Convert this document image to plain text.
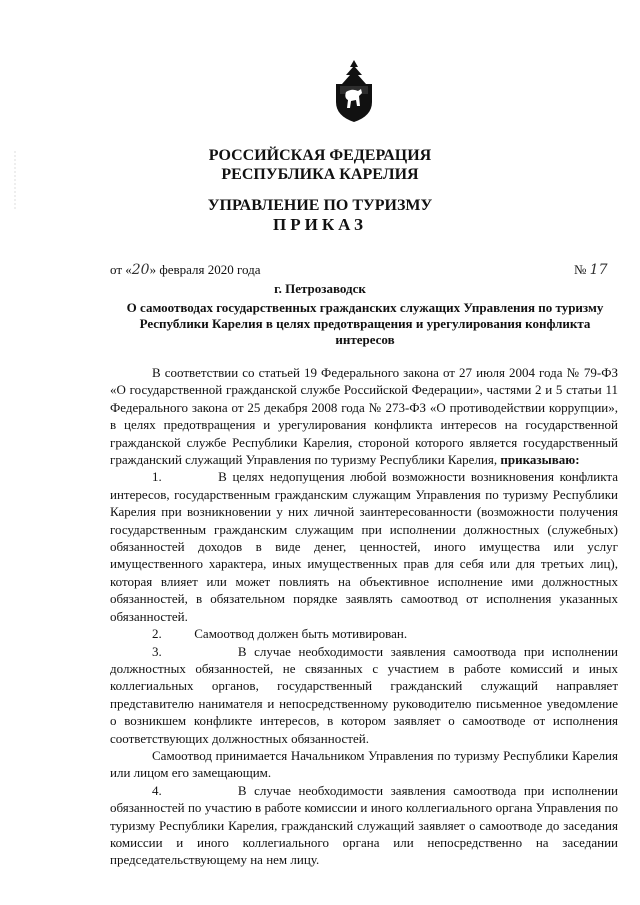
РОССИЙСКАЯ ФЕДЕРАЦИЯ
РЕСПУБЛИКА КАРЕЛИЯ
УПРАВЛЕНИЕ ПО ТУРИЗМУ
ПРИКАЗ
от «20» февраля 2020 года	№ 17
г. Петрозаводск
О самоотводах государственных гражданских служащих Управления по туризму Республики Карелия в целях предотвращения и урегулирования конфликта интересов

В соответствии со статьей 19 Федерального закона от 27 июля 2004 года № 79-ФЗ «О государственной гражданской службе Российской Федерации», частями 2 и 5 статьи 11 Федерального закона от 25 декабря 2008 года № 273-ФЗ «О противодействии коррупции», в целях предотвращения и урегулирования конфликта интересов на государственной гражданской службе Республики Карелия, стороной которого является государственный гражданский служащий Управления по туризму Республики Карелия, приказываю:

1.	В целях недопущения любой возможности возникновения конфликта интересов, государственным гражданским служащим Управления по туризму Республики Карелия при возникновении у них личной заинтересованности (возможности получения государственным гражданским служащим при исполнении должностных (служебных) обязанностей доходов в виде денег, ценностей, иного имущества или услуг имущественного характера, иных имущественных прав для себя или для третьих лиц), которая влияет или может повлиять на объективное исполнение ими должностных обязанностей, в обязательном порядке заявлять самоотвод от исполнения указанных обязанностей.

2.	Самоотвод должен быть мотивирован.

3.	В случае необходимости заявления самоотвода при исполнении должностных обязанностей, не связанных с участием в работе комиссий и иных коллегиальных органов, государственный гражданский служащий направляет представителю нанимателя и непосредственному руководителю письменное уведомление о возникшем конфликте интересов, в котором заявляет о самоотводе от исполнения соответствующих должностных обязанностей.

Самоотвод принимается Начальником Управления по туризму Республики Карелия или лицом его замещающим.

4.	В случае необходимости заявления самоотвода при исполнении обязанностей по участию в работе комиссии и иного коллегиального органа Управления по туризму Республики Карелия, гражданский служащий заявляет о самоотводе до заседания комиссии и иного коллегиального органа или непосредственно на заседании председательствующему на нем лицу.
